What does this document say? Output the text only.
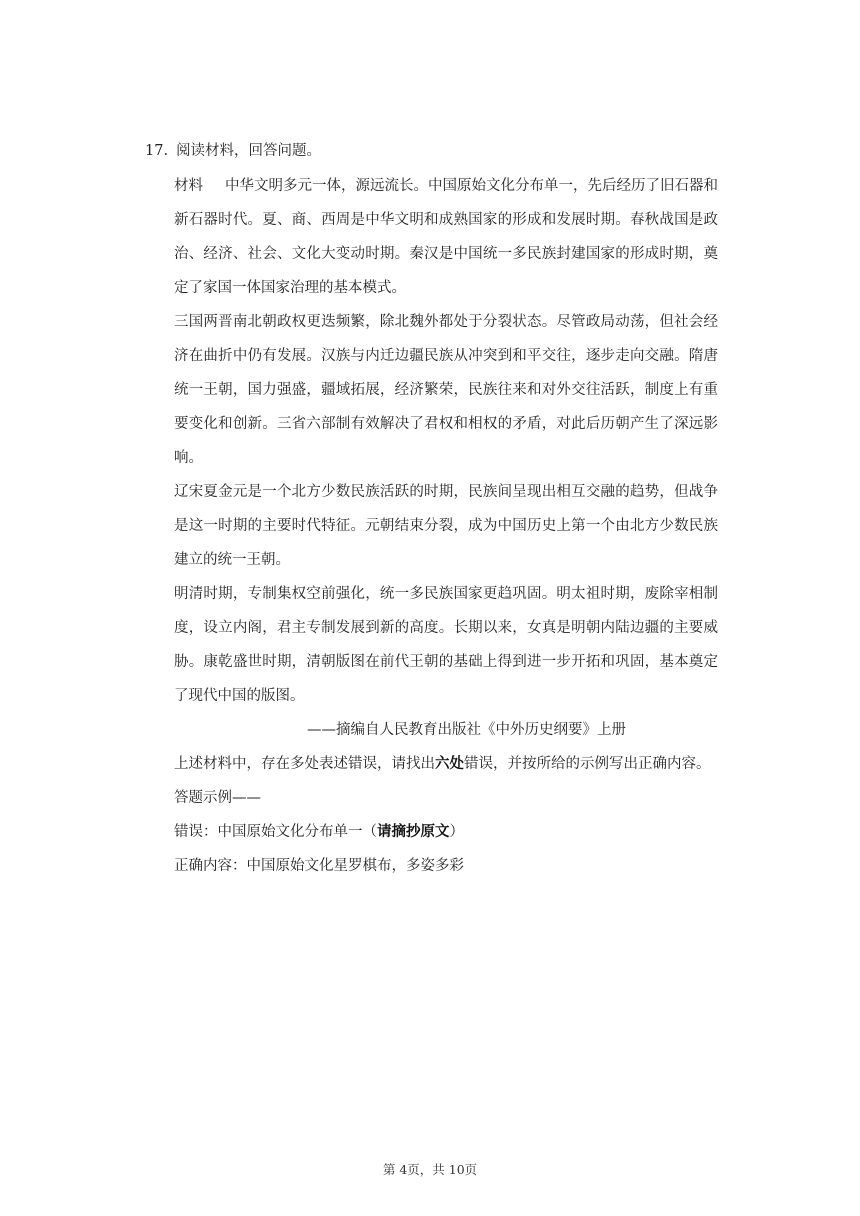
17. 阅读材料，回答问题。

材料 中华文明多元一体，源远流长。中国原始文化分布单一，先后经历了旧石器和新石器时代。夏、商、西周是中华文明和成熟国家的形成和发展时期。春秋战国是政治、经济、社会、文化大变动时期。秦汉是中国统一多民族封建国家的形成时期，奠定了家国一体国家治理的基本模式。

三国两晋南北朝政权更迭频繁，除北魏外都处于分裂状态。尽管政局动荡，但社会经济在曲折中仍有发展。汉族与内迁边疆民族从冲突到和平交往，逐步走向交融。隋唐统一王朝，国力强盛，疆域拓展，经济繁荣，民族往来和对外交往活跃，制度上有重要变化和创新。三省六部制有效解决了君权和相权的矛盾，对此后历朝产生了深远影响。

辽宋夏金元是一个北方少数民族活跃的时期，民族间呈现出相互交融的趋势，但战争是这一时期的主要时代特征。元朝结束分裂，成为中国历史上第一个由北方少数民族建立的统一王朝。

明清时期，专制集权空前强化，统一多民族国家更趋巩固。明太祖时期，废除宰相制度，设立内阁，君主专制发展到新的高度。长期以来，女真是明朝内陆边疆的主要威胁。康乾盛世时期，清朝版图在前代王朝的基础上得到进一步开拓和巩固，基本奠定了现代中国的版图。

——摘编自人民教育出版社《中外历史纲要》上册

上述材料中，存在多处表述错误，请找出六处错误，并按所给的示例写出正确内容。

答题示例——

错误：中国原始文化分布单一（请摘抄原文）

正确内容：中国原始文化星罗棋布，多姿多彩

第 4页，共 10页
